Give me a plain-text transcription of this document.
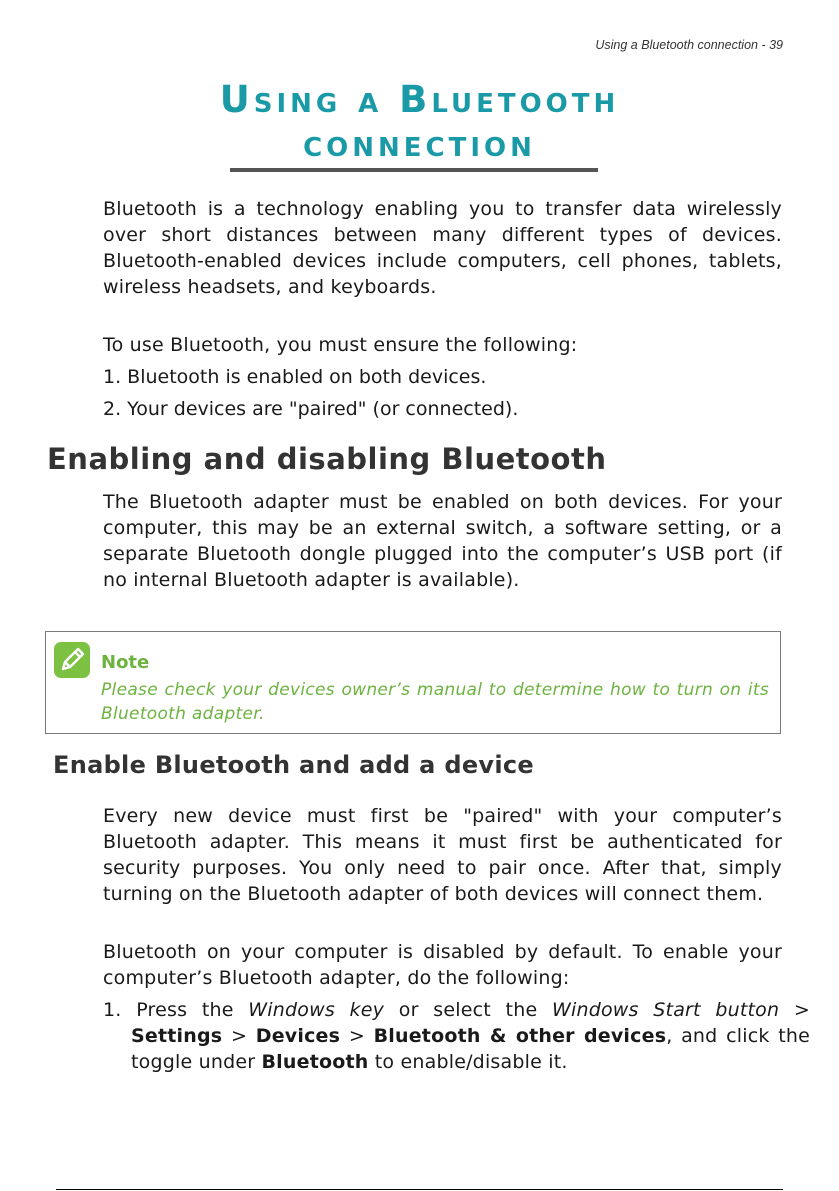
Using a Bluetooth connection - 39
Using a Bluetooth
connection

Bluetooth is a technology enabling you to transfer data wirelessly over short distances between many different types of devices. Bluetooth-enabled devices include computers, cell phones, tablets, wireless headsets, and keyboards.

To use Bluetooth, you must ensure the following:

1. Bluetooth is enabled on both devices.

2. Your devices are "paired" (or connected).

Enabling and disabling Bluetooth

The Bluetooth adapter must be enabled on both devices. For your computer, this may be an external switch, a software setting, or a separate Bluetooth dongle plugged into the computer’s USB port (if no internal Bluetooth adapter is available).

Note
Please check your devices owner’s manual to determine how to turn on its Bluetooth adapter.
Enable Bluetooth and add a device

Every new device must first be "paired" with your computer’s Bluetooth adapter. This means it must first be authenticated for security purposes. You only need to pair once. After that, simply turning on the Bluetooth adapter of both devices will connect them.

Bluetooth on your computer is disabled by default. To enable your computer’s Bluetooth adapter, do the following:

1. Press the Windows key or select the Windows Start button > Settings > Devices > Bluetooth & other devices, and click the toggle under Bluetooth to enable/disable it.
